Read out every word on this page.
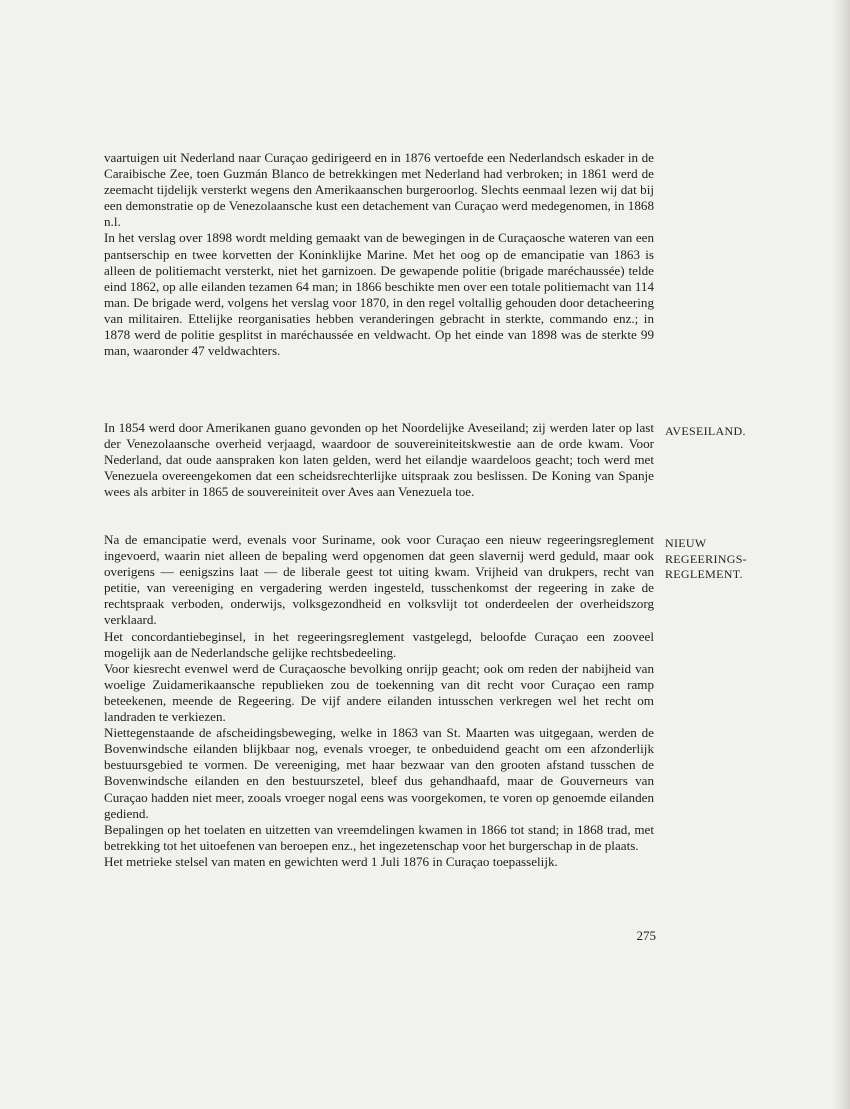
vaartuigen uit Nederland naar Curaçao gedirigeerd en in 1876 vertoefde een Nederlandsch eskader in de Caraibische Zee, toen Guzmán Blanco de betrekkingen met Nederland had verbroken; in 1861 werd de zeemacht tijdelijk versterkt wegens den Amerikaanschen burgeroorlog. Slechts eenmaal lezen wij dat bij een demonstratie op de Venezolaansche kust een detachement van Curaçao werd medegenomen, in 1868 n.l.

In het verslag over 1898 wordt melding gemaakt van de bewegingen in de Curaçaosche wateren van een pantserschip en twee korvetten der Koninklijke Marine. Met het oog op de emancipatie van 1863 is alleen de politiemacht versterkt, niet het garnizoen. De gewapende politie (brigade maréchaussée) telde eind 1862, op alle eilanden tezamen 64 man; in 1866 beschikte men over een totale politiemacht van 114 man. De brigade werd, volgens het verslag voor 1870, in den regel voltallig gehouden door detacheering van militairen. Ettelijke reorganisaties hebben veranderingen gebracht in sterkte, commando enz.; in 1878 werd de politie gesplitst in maréchaussée en veldwacht. Op het einde van 1898 was de sterkte 99 man, waaronder 47 veldwachters.

In 1854 werd door Amerikanen guano gevonden op het Noordelijke Aveseiland; zij werden later op last der Venezolaansche overheid verjaagd, waardoor de souvereiniteitskwestie aan de orde kwam. Voor Nederland, dat oude aanspraken kon laten gelden, werd het eilandje waardeloos geacht; toch werd met Venezuela overeengekomen dat een scheidsrechterlijke uitspraak zou beslissen. De Koning van Spanje wees als arbiter in 1865 de souvereiniteit over Aves aan Venezuela toe.

AVESEILAND.

Na de emancipatie werd, evenals voor Suriname, ook voor Curaçao een nieuw regeeringsreglement ingevoerd, waarin niet alleen de bepaling werd opgenomen dat geen slavernij werd geduld, maar ook overigens — eenigszins laat — de liberale geest tot uiting kwam. Vrijheid van drukpers, recht van petitie, van vereeniging en vergadering werden ingesteld, tusschenkomst der regeering in zake de rechtspraak verboden, onderwijs, volksgezondheid en volksvlijt tot onderdeelen der overheidszorg verklaard.

Het concordantiebeginsel, in het regeeringsreglement vastgelegd, beloofde Curaçao een zooveel mogelijk aan de Nederlandsche gelijke rechtsbedeeling.

Voor kiesrecht evenwel werd de Curaçaosche bevolking onrijp geacht; ook om reden der nabijheid van woelige Zuidamerikaansche republieken zou de toekenning van dit recht voor Curaçao een ramp beteekenen, meende de Regeering. De vijf andere eilanden intusschen verkregen wel het recht om landraden te verkiezen.

Niettegenstaande de afscheidingsbeweging, welke in 1863 van St. Maarten was uitgegaan, werden de Bovenwindsche eilanden blijkbaar nog, evenals vroeger, te onbeduidend geacht om een afzonderlijk bestuursgebied te vormen. De vereeniging, met haar bezwaar van den grooten afstand tusschen de Bovenwindsche eilanden en den bestuurszetel, bleef dus gehandhaafd, maar de Gouverneurs van Curaçao hadden niet meer, zooals vroeger nogal eens was voorgekomen, te voren op genoemde eilanden gediend.

Bepalingen op het toelaten en uitzetten van vreemdelingen kwamen in 1866 tot stand; in 1868 trad, met betrekking tot het uitoefenen van beroepen enz., het ingezetenschap voor het burgerschap in de plaats.

Het metrieke stelsel van maten en gewichten werd 1 Juli 1876 in Curaçao toepasselijk.

NIEUW
REGEERINGS-
REGLEMENT.
275
